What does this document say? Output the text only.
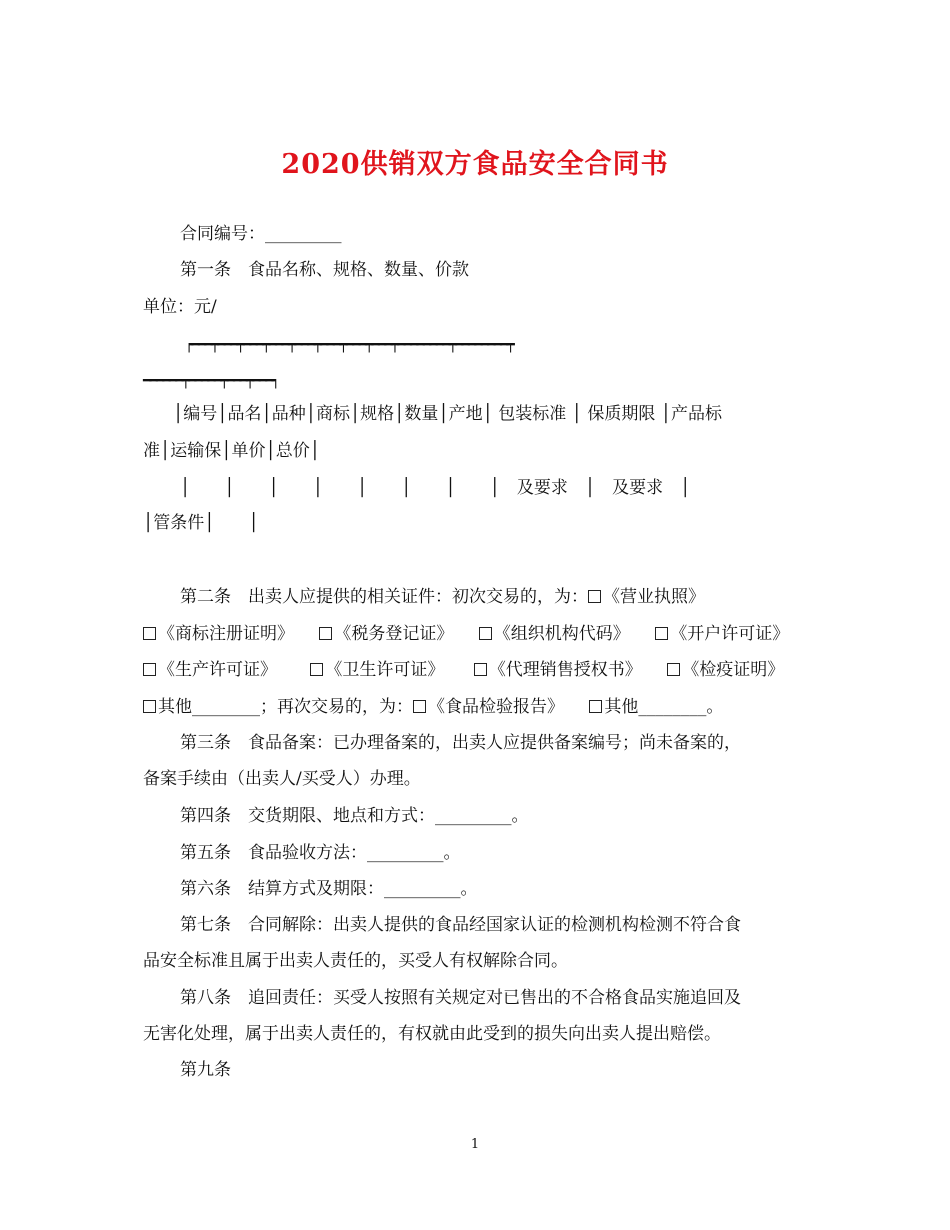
2020供销双方食品安全合同书
合同编号：_________
第一条　食品名称、规格、数量、价款
单位：元/
┍━━━┯━━━┯━━━┯━━━┯━━━┯━━━┯━━━┯━━━┯━━━━━━━━┯━━━━━━━━┯
━━━━━━┯━━━━━┯━━━┯━━━┑
│编号│品名│品种│商标│规格│数量│产地│ 包装标准 │ 保质期限 │产品标
准│运输保│单价│总价│
│　　│　　│　　│　　│　　│　　│　　│　及要求　│　及要求　│
│管条件│　　│
第二条　出卖人应提供的相关证件：初次交易的，为： 《营业执照》
《商标注册证明》 《税务登记证》 《组织机构代码》 《开户许可证》
《生产许可证》	《卫生许可证》	《代理销售授权书》 《检疫证明》
其他________；再次交易的，为： 《食品检验报告》 其他________。
第三条　食品备案：已办理备案的，出卖人应提供备案编号；尚未备案的，
备案手续由（出卖人/买受人）办理。
第四条　交货期限、地点和方式：_________。
第五条　食品验收方法：_________。
第六条　结算方式及期限：_________。
第七条　合同解除：出卖人提供的食品经国家认证的检测机构检测不符合食
品安全标准且属于出卖人责任的，买受人有权解除合同。
第八条　追回责任：买受人按照有关规定对已售出的不合格食品实施追回及
无害化处理，属于出卖人责任的，有权就由此受到的损失向出卖人提出赔偿。
第九条
1
